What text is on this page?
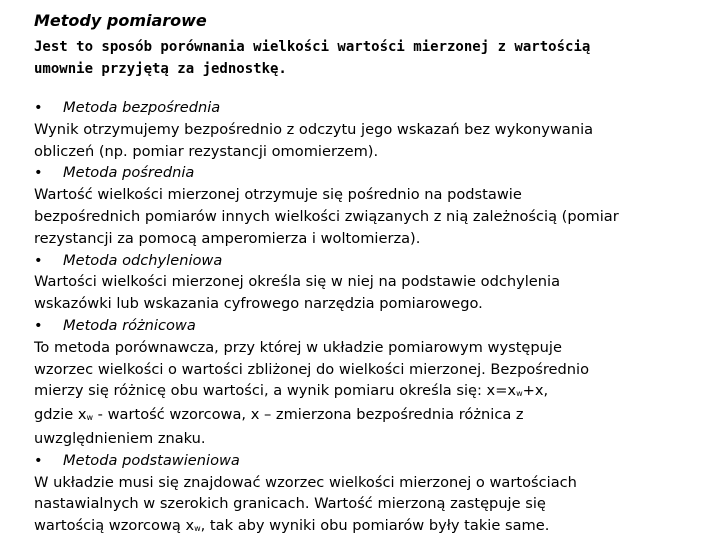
Metody pomiarowe
Jest to sposób porównania wielkości wartości mierzonej z wartością
umownie przyjętą za jednostkę.
• Metoda bezpośrednia
Wynik otrzymujemy bezpośrednio z odczytu jego wskazań bez wykonywania
obliczeń (np. pomiar rezystancji omomierzem).
• Metoda pośrednia
Wartość wielkości mierzonej otrzymuje się pośrednio na podstawie
bezpośrednich pomiarów innych wielkości związanych z nią zależnością (pomiar
rezystancji za pomocą amperomierza i woltomierza).
• Metoda odchyleniowa
Wartości wielkości mierzonej określa się w niej na podstawie odchylenia
wskazówki lub wskazania cyfrowego narzędzia pomiarowego.
• Metoda różnicowa
To metoda porównawcza, przy której w układzie pomiarowym występuje
wzorzec wielkości o wartości zbliżonej do wielkości mierzonej. Bezpośrednio
mierzy się różnicę obu wartości, a wynik pomiaru określa się: $x=x_w+x$,
gdzie $x_w$ - wartość wzorcowa, x – zmierzona bezpośrednia różnica z
uwzględnieniem znaku.
• Metoda podstawieniowa
W układzie musi się znajdować wzorzec wielkości mierzonej o wartościach
nastawialnych w szerokich granicach. Wartość mierzoną zastępuje się
wartością wzorcową $x_w$, tak aby wyniki obu pomiarów były takie same.
